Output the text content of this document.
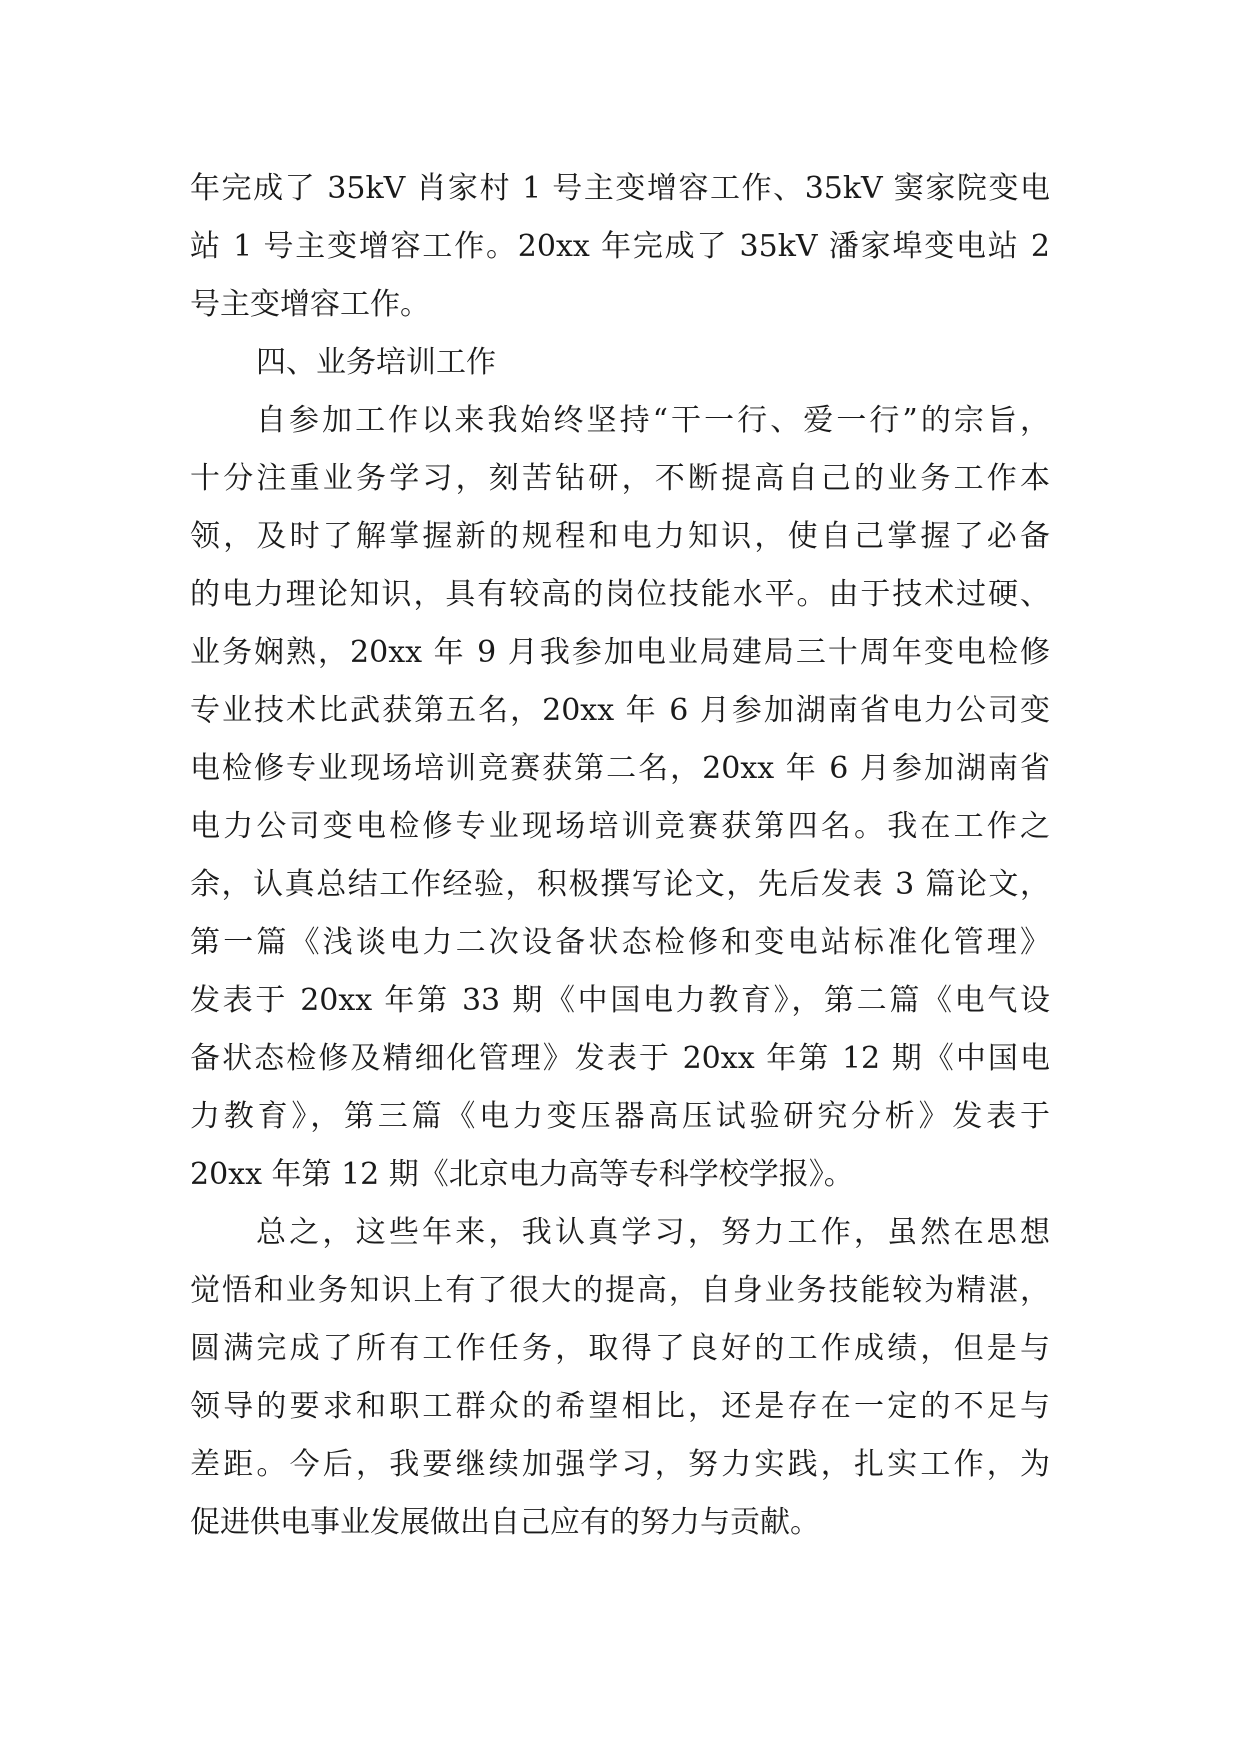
年完成了 35kV 肖家村 1 号主变增容工作、35kV 窦家院变电
站 1 号主变增容工作。20xx 年完成了 35kV 潘家埠变电站 2
号主变增容工作。
四、业务培训工作
自参加工作以来我始终坚持“干一行、爱一行”的宗旨，
十分注重业务学习，刻苦钻研，不断提高自己的业务工作本
领，及时了解掌握新的规程和电力知识，使自己掌握了必备
的电力理论知识，具有较高的岗位技能水平。由于技术过硬、
业务娴熟，20xx 年 9 月我参加电业局建局三十周年变电检修
专业技术比武获第五名，20xx 年 6 月参加湖南省电力公司变
电检修专业现场培训竞赛获第二名，20xx 年 6 月参加湖南省
电力公司变电检修专业现场培训竞赛获第四名。我在工作之
余，认真总结工作经验，积极撰写论文，先后发表 3 篇论文，
第一篇《浅谈电力二次设备状态检修和变电站标准化管理》
发表于 20xx 年第 33 期《中国电力教育》，第二篇《电气设
备状态检修及精细化管理》发表于 20xx 年第 12 期《中国电
力教育》，第三篇《电力变压器高压试验研究分析》发表于
20xx 年第 12 期《北京电力高等专科学校学报》。
总之，这些年来，我认真学习，努力工作，虽然在思想
觉悟和业务知识上有了很大的提高，自身业务技能较为精湛，
圆满完成了所有工作任务，取得了良好的工作成绩，但是与
领导的要求和职工群众的希望相比，还是存在一定的不足与
差距。今后，我要继续加强学习，努力实践，扎实工作，为
促进供电事业发展做出自己应有的努力与贡献。
